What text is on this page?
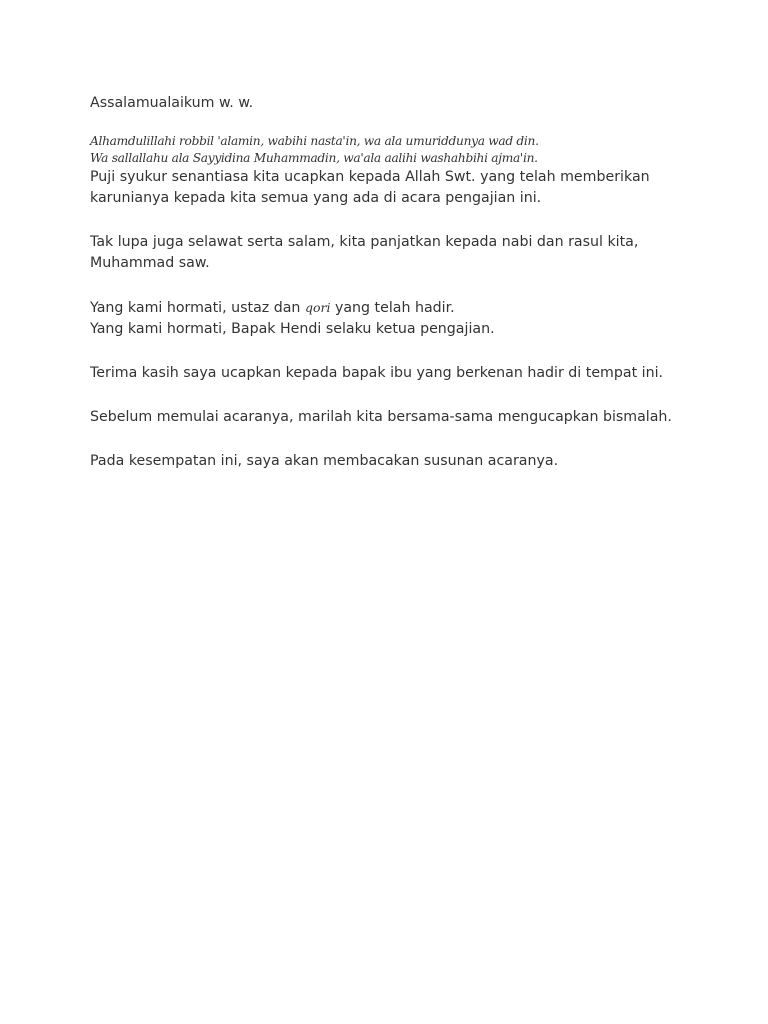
Assalamualaikum w. w.

Alhamdulillahi robbil 'alamin, wabihi nasta'in, wa ala umuriddunya wad din.

Wa sallallahu ala Sayyidina Muhammadin, wa'ala aalihi washahbihi ajma'in.

Puji syukur senantiasa kita ucapkan kepada Allah Swt. yang telah memberikan

karunianya kepada kita semua yang ada di acara pengajian ini.

Tak lupa juga selawat serta salam, kita panjatkan kepada nabi dan rasul kita,

Muhammad saw.

Yang kami hormati, ustaz dan qori yang telah hadir.

Yang kami hormati, Bapak Hendi selaku ketua pengajian.

Terima kasih saya ucapkan kepada bapak ibu yang berkenan hadir di tempat ini.

Sebelum memulai acaranya, marilah kita bersama-sama mengucapkan bismalah.

Pada kesempatan ini, saya akan membacakan susunan acaranya.
